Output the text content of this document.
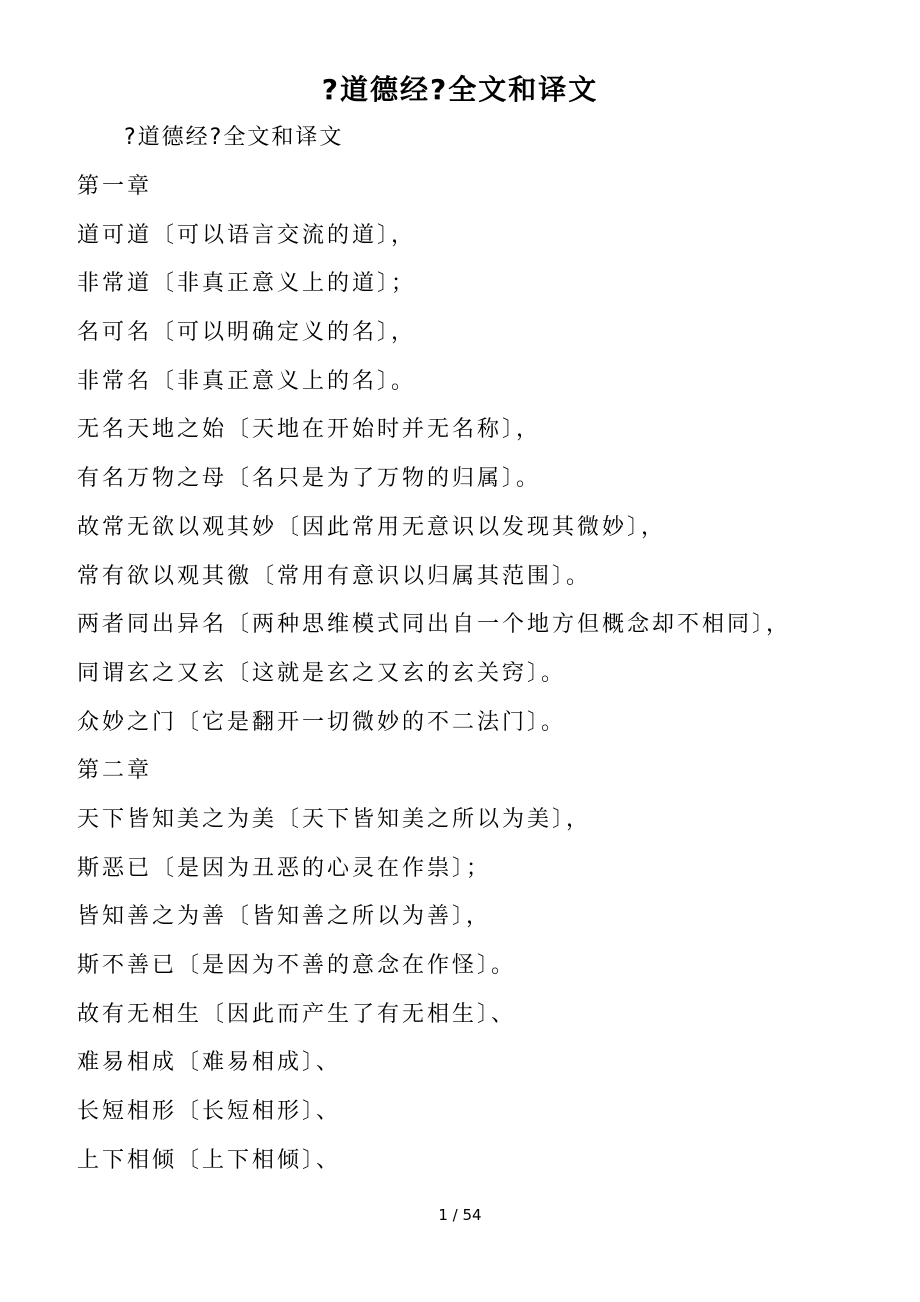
?道德经?全文和译文
?道德经?全文和译文
第一章
道可道〔可以语言交流的道〕，
非常道〔非真正意义上的道〕；
名可名〔可以明确定义的名〕，
非常名〔非真正意义上的名〕。
无名天地之始〔天地在开始时并无名称〕，
有名万物之母〔名只是为了万物的归属〕。
故常无欲以观其妙〔因此常用无意识以发现其微妙〕，
常有欲以观其徼〔常用有意识以归属其范围〕。
两者同出异名〔两种思维模式同出自一个地方但概念却不相同〕，
同谓玄之又玄〔这就是玄之又玄的玄关窍〕。
众妙之门〔它是翻开一切微妙的不二法门〕。
第二章
天下皆知美之为美〔天下皆知美之所以为美〕，
斯恶已〔是因为丑恶的心灵在作祟〕；
皆知善之为善〔皆知善之所以为善〕，
斯不善已〔是因为不善的意念在作怪〕。
故有无相生〔因此而产生了有无相生〕、
难易相成〔难易相成〕、
长短相形〔长短相形〕、
上下相倾〔上下相倾〕、
1 / 54
